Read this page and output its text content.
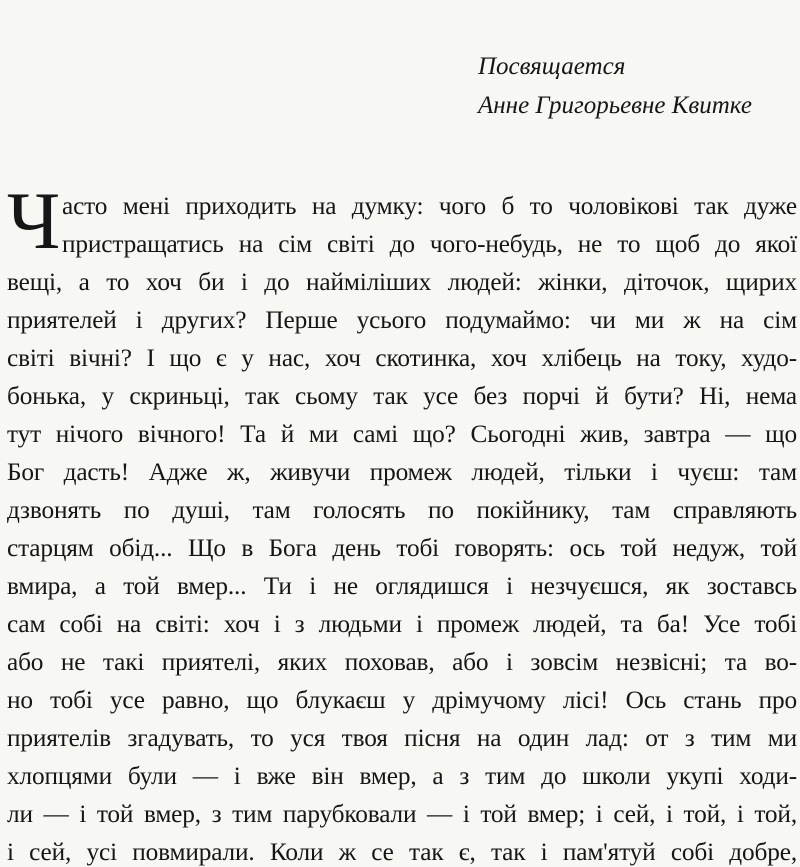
Посвящается
Анне Григорьевне Квитке
Ч асто мені приходить на думку: чого б то чоловікові так дуже
пристращатись на сім світі до чого-небудь, не то щоб до якої
вещі, а то хоч би і до найміліших людей: жінки, діточок, щирих
приятелей і других? Перше усього подумаймо: чи ми ж на сім
світі вічні? І що є у нас, хоч скотинка, хоч хлібець на току, худо-
бонька, у скриньці, так сьому так усе без порчі й бути? Ні, нема
тут нічого вічного! Та й ми самі що? Сьогодні жив, завтра — що
Бог дасть! Адже ж, живучи промеж людей, тільки і чуєш: там
дзвонять по душі, там голосять по покійнику, там справляють
старцям обід... Що в Бога день тобі говорять: ось той недуж, той
вмира, а той вмер... Ти і не оглядишся і незчуєшся, як зоставсь
сам собі на світі: хоч і з людьми і промеж людей, та ба! Усе тобі
або не такі приятелі, яких поховав, або і зовсім незвісні; та во-
но тобі усе равно, що блукаєш у дрімучому лісі! Ось стань про
приятелів згадувать, то уся твоя пісня на один лад: от з тим ми
хлопцями були — і вже він вмер, а з тим до школи укупі ходи-
ли — і той вмер, з тим парубковали — і той вмер; і сей, і той, і той,
і сей, усі повмирали. Коли ж се так є, так і пам'ятуй собі добре,
